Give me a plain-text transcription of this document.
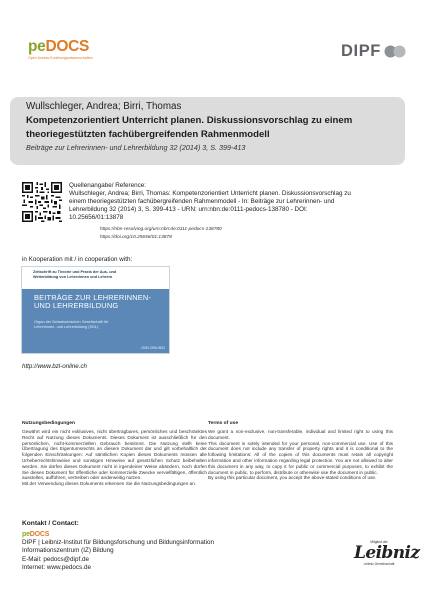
peDOCS
Open Access Erziehungswissenschaften	DIPF
Wullschleger, Andrea; Birri, Thomas
Kompetenzorientiert Unterricht planen. Diskussionsvorschlag zu einem theoriegestützten fachübergreifenden Rahmenmodell
Beiträge zur Lehrerinnen- und Lehrerbildung 32 (2014) 3, S. 399-413
Quellenangabe/ Reference:
Wullschleger, Andrea; Birri, Thomas: Kompetenzorientiert Unterricht planen. Diskussionsvorschlag zu
einem theoriegestützten fachübergreifenden Rahmenmodell - In: Beiträge zur Lehrerinnen- und
Lehrerbildung 32 (2014) 3, S. 399-413 - URN: urn:nbn:de:0111-pedocs-138780 - DOI:
10.25656/01:13878
https://nbn-resolving.org/urn:nbn:de:0111-pedocs-138780
https://doi.org/10.25656/01:13878
in Kooperation mit / in cooperation with:
Zeitschrift zu Theorie und Praxis der Aus- und
Weiterbildung von Lehrerinnen und Lehrern
BEITRÄGE ZUR LEHRERINNEN-
UND LEHRERBILDUNG
Organ der Schweizerischen Gesellschaft für
Lehrerinnen- und Lehrerbildung (SGL)
ISSN 2296-9632
http://www.bzl-online.ch
Nutzungsbedingungen

Gewährt wird ein nicht exklusives, nicht übertragbares, persönliches und beschränktes Recht auf Nutzung dieses Dokuments. Dieses Dokument ist ausschließlich für den persönlichen, nicht-kommerziellen Gebrauch bestimmt. Die Nutzung stellt keine Übertragung des Eigentumsrechts an diesem Dokument dar und gilt vorbehaltlich der folgenden Einschränkungen: Auf sämtlichen Kopien dieses Dokuments müssen alle Urheberrechtshinweise und sonstigen Hinweise auf gesetzlichen Schutz beibehalten werden. Sie dürfen dieses Dokument nicht in irgendeiner Weise abändern, noch dürfen Sie dieses Dokument für öffentliche oder kommerzielle Zwecke vervielfältigen, öffentlich ausstellen, aufführen, vertreiben oder anderweitig nutzen.

Mit der Verwendung dieses Dokuments erkennen Sie die Nutzungsbedingungen an.

Terms of use

We grant a non-exclusive, non-transferable, individual and limited right to using this document.

This document is solely intended for your personal, non-commercial use. Use of this document does not include any transfer of property rights and it is conditional to the following limitations: All of the copies of this documents must retain all copyright information and other information regarding legal protection. You are not allowed to alter this document in any way, to copy it for public or commercial purposes, to exhibit the document in public, to perform, distribute or otherwise use the document in public.

By using this particular document, you accept the above-stated conditions of use.

Kontakt / Contact:
peDOCS
DIPF | Leibniz-Institut für Bildungsforschung und Bildungsinformation
Informationszentrum (IZ) Bildung
E-Mail: pedocs@dipf.de
Internet: www.pedocs.de
Mitglied der
Leibniz
Leibniz-Gemeinschaft
